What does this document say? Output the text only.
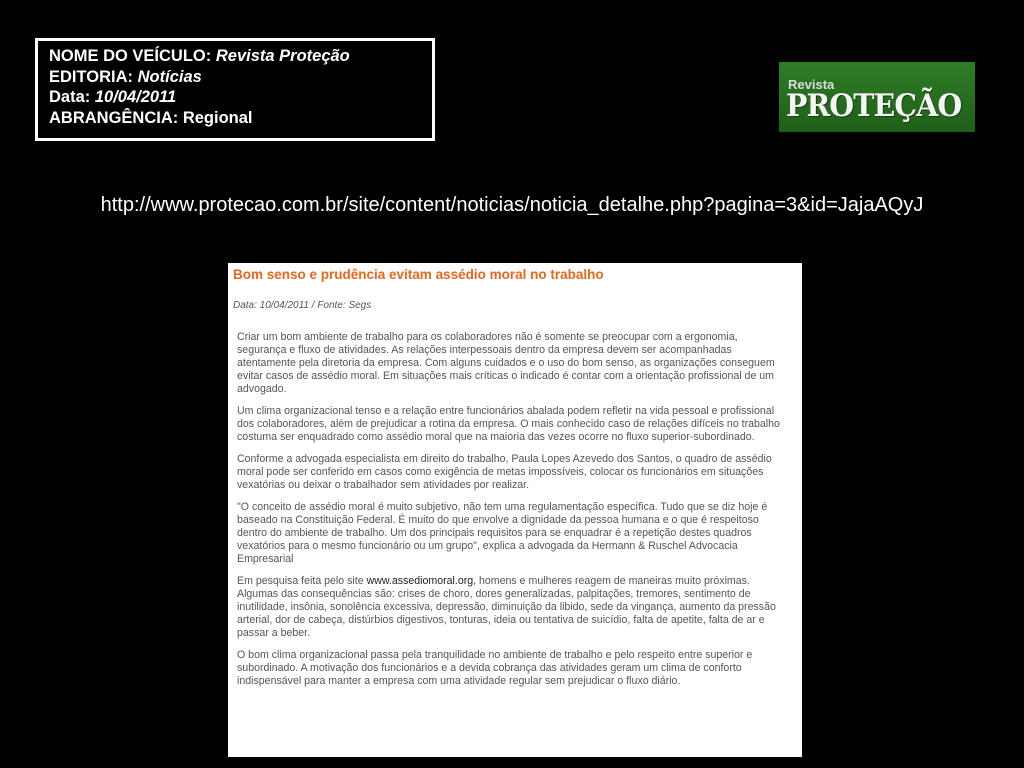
NOME DO VEÍCULO: Revista Proteção
EDITORIA: Notícias
Data: 10/04/2011
ABRANGÊNCIA: Regional
Revista
PROTEÇÃO
http://www.protecao.com.br/site/content/noticias/noticia_detalhe.php?pagina=3&id=JajaAQyJ
Bom senso e prudência evitam assédio moral no trabalho
Data: 10/04/2011 / Fonte: Segs

Criar um bom ambiente de trabalho para os colaboradores não é somente se preocupar com a ergonomia, segurança e fluxo de atividades. As relações interpessoais dentro da empresa devem ser acompanhadas atentamente pela diretoria da empresa. Com alguns cuidados e o uso do bom senso, as organizações conseguem evitar casos de assédio moral. Em situações mais críticas o indicado é contar com a orientação profissional de um advogado.

Um clima organizacional tenso e a relação entre funcionários abalada podem refletir na vida pessoal e profissional dos colaboradores, além de prejudicar a rotina da empresa. O mais conhecido caso de relações difíceis no trabalho costuma ser enquadrado como assédio moral que na maioria das vezes ocorre no fluxo superior-subordinado.

Conforme a advogada especialista em direito do trabalho, Paula Lopes Azevedo dos Santos, o quadro de assédio moral pode ser conferido em casos como exigência de metas impossíveis, colocar os funcionários em situações vexatórias ou deixar o trabalhador sem atividades por realizar.

"O conceito de assédio moral é muito subjetivo, não tem uma regulamentação específica. Tudo que se diz hoje é baseado na Constituição Federal. É muito do que envolve a dignidade da pessoa humana e o que é respeitoso dentro do ambiente de trabalho. Um dos principais requisitos para se enquadrar é a repetição destes quadros vexatórios para o mesmo funcionário ou um grupo", explica a advogada da Hermann & Ruschel Advocacia Empresarial

Em pesquisa feita pelo site www.assediomoral.org, homens e mulheres reagem de maneiras muito próximas. Algumas das consequências são: crises de choro, dores generalizadas, palpitações, tremores, sentimento de inutilidade, insônia, sonolência excessiva, depressão, diminuição da libido, sede da vingança, aumento da pressão arterial, dor de cabeça, distúrbios digestivos, tonturas, ideia ou tentativa de suicídio, falta de apetite, falta de ar e passar a beber.

O bom clima organizacional passa pela tranquilidade no ambiente de trabalho e pelo respeito entre superior e subordinado. A motivação dos funcionários e a devida cobrança das atividades geram um clima de conforto indispensável para manter a empresa com uma atividade regular sem prejudicar o fluxo diário.
